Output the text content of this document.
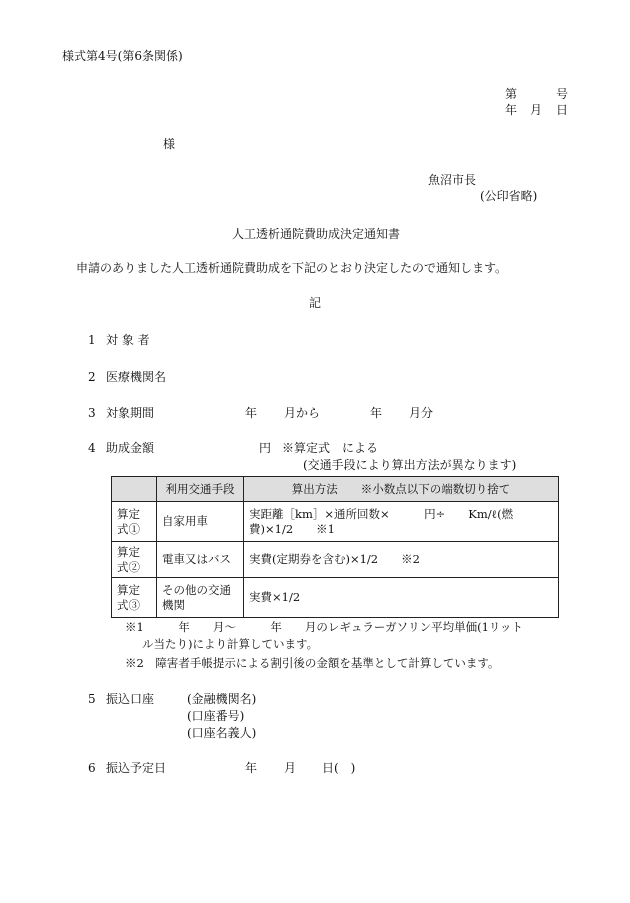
様式第4号(第6条関係)
第	号
年 月 日
様
魚沼市長
(公印省略)
人工透析通院費助成決定通知書
申請のありました人工透析通院費助成を下記のとおり決定したので通知します。
記
1 対 象 者
2 医療機関名
3 対象期間	年 月から	年 月分
4 助成金額	円 ※算定式　による
(交通手段により算出方法が異なります)
	利用交通手段	算出方法　　※小数点以下の端数切り捨て
算定式①	自家用車	実距離［km］×通所回数×　　　円÷　　Km/ℓ(燃費)×1/2　　※1
算定式②	電車又はバス	実費(定期券を含む)×1/2　　※2
算定式③	その他の交通機関	実費×1/2
※1　　　年　　月～　　　年　　月のレギュラーガソリン平均単価(1リット
ル当たり)により計算しています。
※2　障害者手帳提示による割引後の金額を基準として計算しています。
5 振込口座	(金融機関名)
(口座番号)
(口座名義人)
6 振込予定日	年 月 日(　)
